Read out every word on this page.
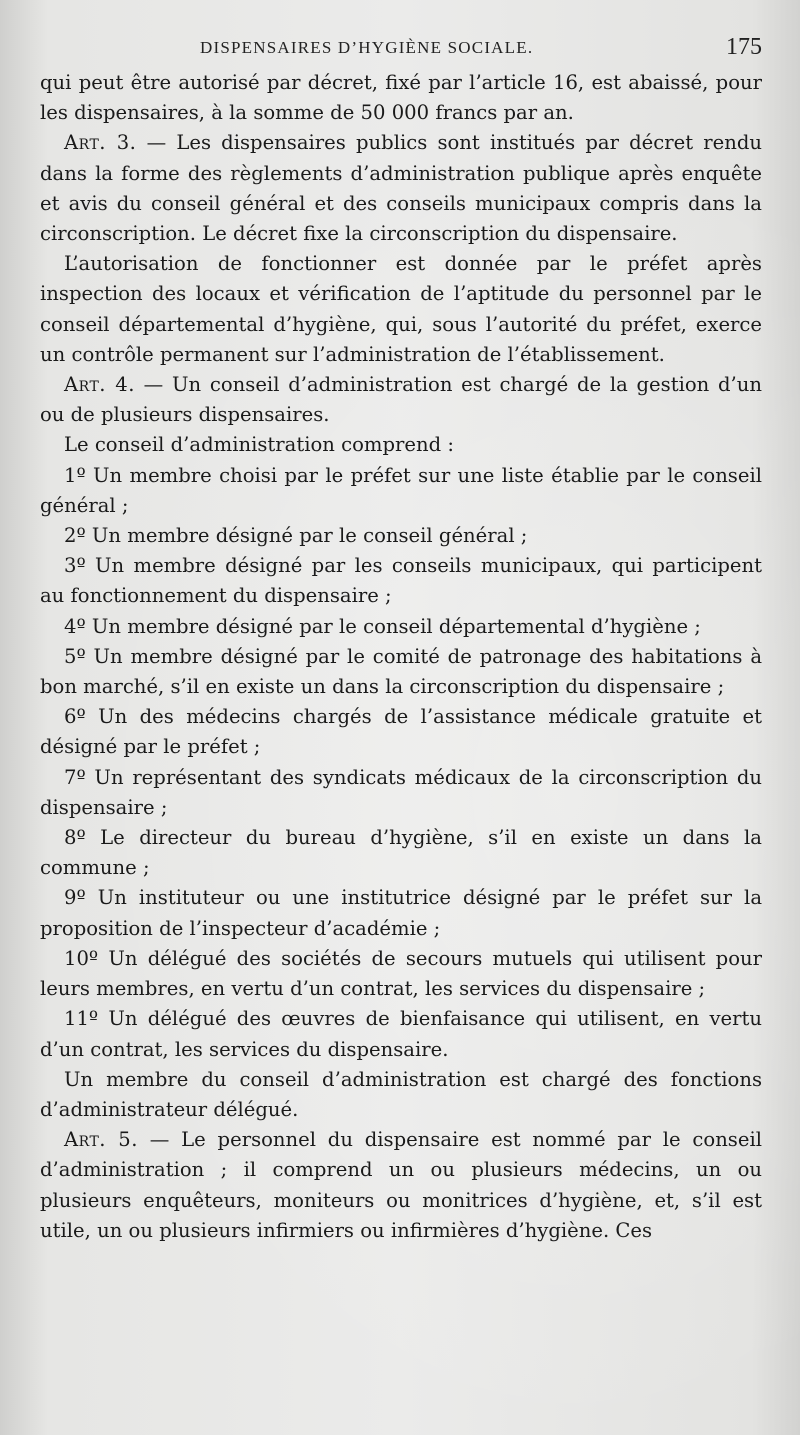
DISPENSAIRES D’HYGIÈNE SOCIALE.	175

qui peut être autorisé par décret, fixé par l’article 16, est abaissé, pour les dispensaires, à la somme de 50 000 francs par an.

Art. 3. — Les dispensaires publics sont institués par décret rendu dans la forme des règlements d’administration publique après enquête et avis du conseil général et des conseils municipaux compris dans la circonscription. Le décret fixe la circonscription du dispensaire.

L’autorisation de fonctionner est donnée par le préfet après inspection des locaux et vérification de l’aptitude du personnel par le conseil départemental d’hygiène, qui, sous l’autorité du préfet, exerce un contrôle permanent sur l’administration de l’établissement.

Art. 4. — Un conseil d’administration est chargé de la gestion d’un ou de plusieurs dispensaires.

Le conseil d’administration comprend :

1º Un membre choisi par le préfet sur une liste établie par le conseil général ;

2º Un membre désigné par le conseil général ;

3º Un membre désigné par les conseils municipaux, qui participent au fonctionnement du dispensaire ;

4º Un membre désigné par le conseil départemental d’hygiène ;

5º Un membre désigné par le comité de patronage des habitations à bon marché, s’il en existe un dans la circonscription du dispensaire ;

6º Un des médecins chargés de l’assistance médicale gratuite et désigné par le préfet ;

7º Un représentant des syndicats médicaux de la circonscription du dispensaire ;

8º Le directeur du bureau d’hygiène, s’il en existe un dans la commune ;

9º Un instituteur ou une institutrice désigné par le préfet sur la proposition de l’inspecteur d’académie ;

10º Un délégué des sociétés de secours mutuels qui utilisent pour leurs membres, en vertu d’un contrat, les services du dispensaire ;

11º Un délégué des œuvres de bienfaisance qui utilisent, en vertu d’un contrat, les services du dispensaire.

Un membre du conseil d’administration est chargé des fonctions d’administrateur délégué.

Art. 5. — Le personnel du dispensaire est nommé par le conseil d’administration ; il comprend un ou plusieurs médecins, un ou plusieurs enquêteurs, moniteurs ou monitrices d’hygiène, et, s’il est utile, un ou plusieurs infirmiers ou infirmières d’hygiène. Ces
